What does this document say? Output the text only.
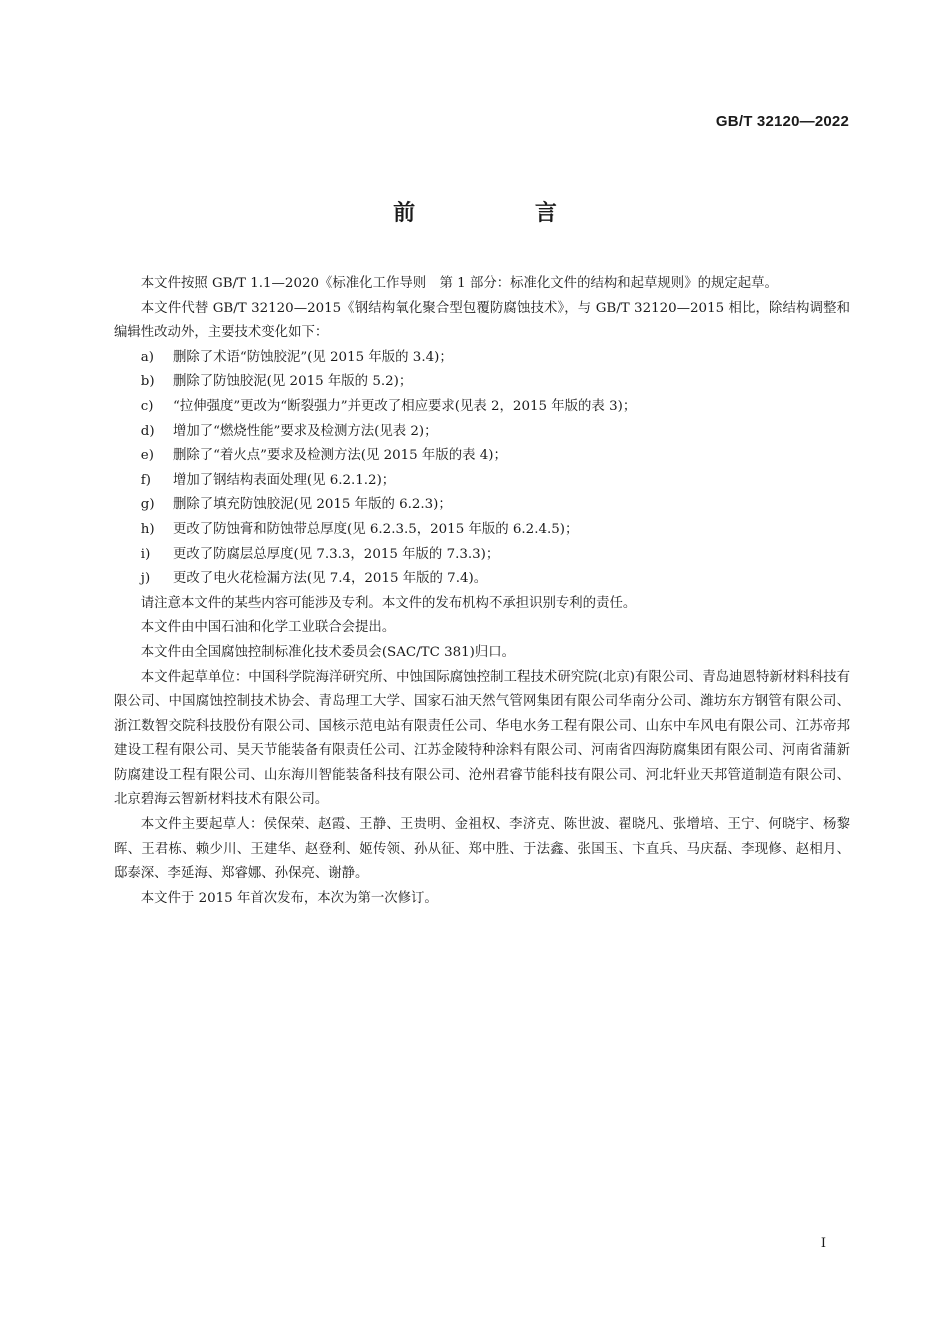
GB/T 32120—2022
前 言

本文件按照 GB/T 1.1—2020《标准化工作导则　第 1 部分：标准化文件的结构和起草规则》的规定起草。

本文件代替 GB/T 32120—2015《钢结构氧化聚合型包覆防腐蚀技术》，与 GB/T 32120—2015 相比，除结构调整和编辑性改动外，主要技术变化如下：

a) 删除了术语“防蚀胶泥”(见 2015 年版的 3.4)；
b) 删除了防蚀胶泥(见 2015 年版的 5.2)；
c) “拉伸强度”更改为“断裂强力”并更改了相应要求(见表 2，2015 年版的表 3)；
d) 增加了“燃烧性能”要求及检测方法(见表 2)；
e) 删除了“着火点”要求及检测方法(见 2015 年版的表 4)；
f) 增加了钢结构表面处理(见 6.2.1.2)；
g) 删除了填充防蚀胶泥(见 2015 年版的 6.2.3)；
h) 更改了防蚀膏和防蚀带总厚度(见 6.2.3.5，2015 年版的 6.2.4.5)；
i) 更改了防腐层总厚度(见 7.3.3，2015 年版的 7.3.3)；
j) 更改了电火花检漏方法(见 7.4，2015 年版的 7.4)。

请注意本文件的某些内容可能涉及专利。本文件的发布机构不承担识别专利的责任。

本文件由中国石油和化学工业联合会提出。

本文件由全国腐蚀控制标准化技术委员会(SAC/TC 381)归口。

本文件起草单位：中国科学院海洋研究所、中蚀国际腐蚀控制工程技术研究院(北京)有限公司、青岛迪恩特新材料科技有限公司、中国腐蚀控制技术协会、青岛理工大学、国家石油天然气管网集团有限公司华南分公司、潍坊东方钢管有限公司、浙江数智交院科技股份有限公司、国核示范电站有限责任公司、华电水务工程有限公司、山东中车风电有限公司、江苏帝邦建设工程有限公司、昊天节能装备有限责任公司、江苏金陵特种涂料有限公司、河南省四海防腐集团有限公司、河南省蒲新防腐建设工程有限公司、山东海川智能装备科技有限公司、沧州君睿节能科技有限公司、河北轩业天邦管道制造有限公司、北京碧海云智新材料技术有限公司。

本文件主要起草人：侯保荣、赵霞、王静、王贵明、金祖权、李济克、陈世波、翟晓凡、张增培、王宁、何晓宇、杨黎晖、王君栋、赖少川、王建华、赵登利、姬传领、孙从征、郑中胜、于法鑫、张国玉、卞直兵、马庆磊、李现修、赵相月、邸泰深、李延海、郑睿娜、孙保亮、谢静。

本文件于 2015 年首次发布，本次为第一次修订。

I
